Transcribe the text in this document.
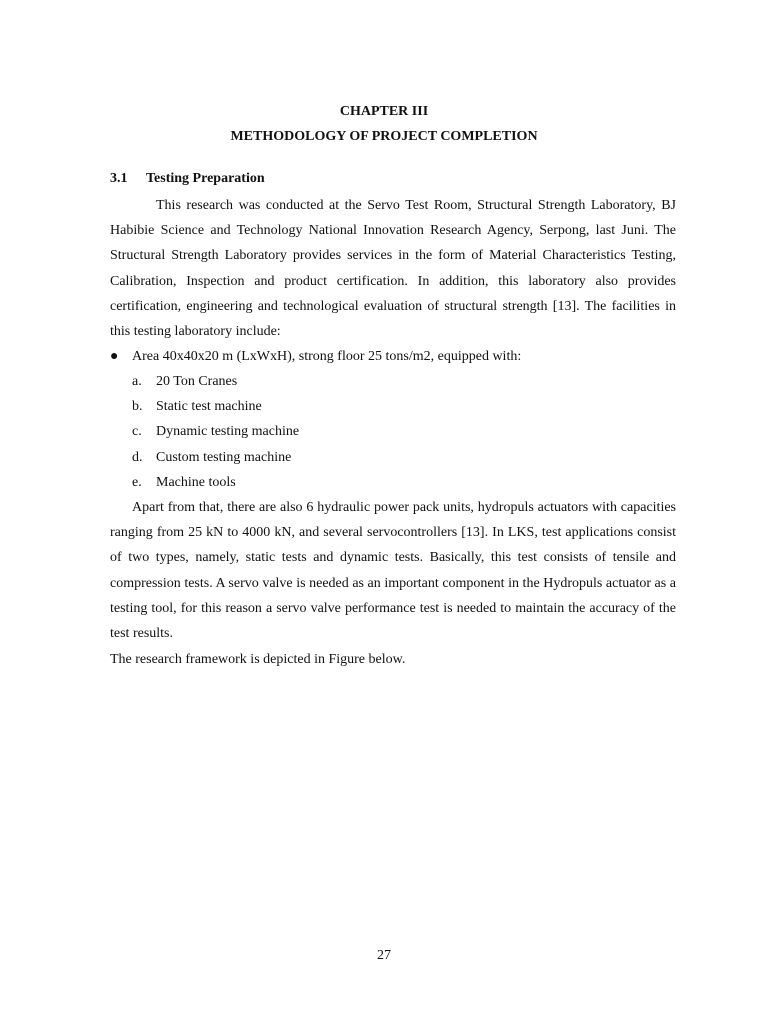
CHAPTER III
METHODOLOGY OF PROJECT COMPLETION
3.1 Testing Preparation

This research was conducted at the Servo Test Room, Structural Strength Laboratory, BJ Habibie Science and Technology National Innovation Research Agency, Serpong, last Juni. The Structural Strength Laboratory provides services in the form of Material Characteristics Testing, Calibration, Inspection and product certification. In addition, this laboratory also provides certification, engineering and technological evaluation of structural strength [13]. The facilities in this testing laboratory include:

● Area 40x40x20 m (LxWxH), strong floor 25 tons/m2, equipped with:
a. 20 Ton Cranes
b. Static test machine
c. Dynamic testing machine
d. Custom testing machine
e. Machine tools

Apart from that, there are also 6 hydraulic power pack units, hydropuls actuators with capacities ranging from 25 kN to 4000 kN, and several servocontrollers [13]. In LKS, test applications consist of two types, namely, static tests and dynamic tests. Basically, this test consists of tensile and compression tests. A servo valve is needed as an important component in the Hydropuls actuator as a testing tool, for this reason a servo valve performance test is needed to maintain the accuracy of the test results.

The research framework is depicted in Figure below.
27
